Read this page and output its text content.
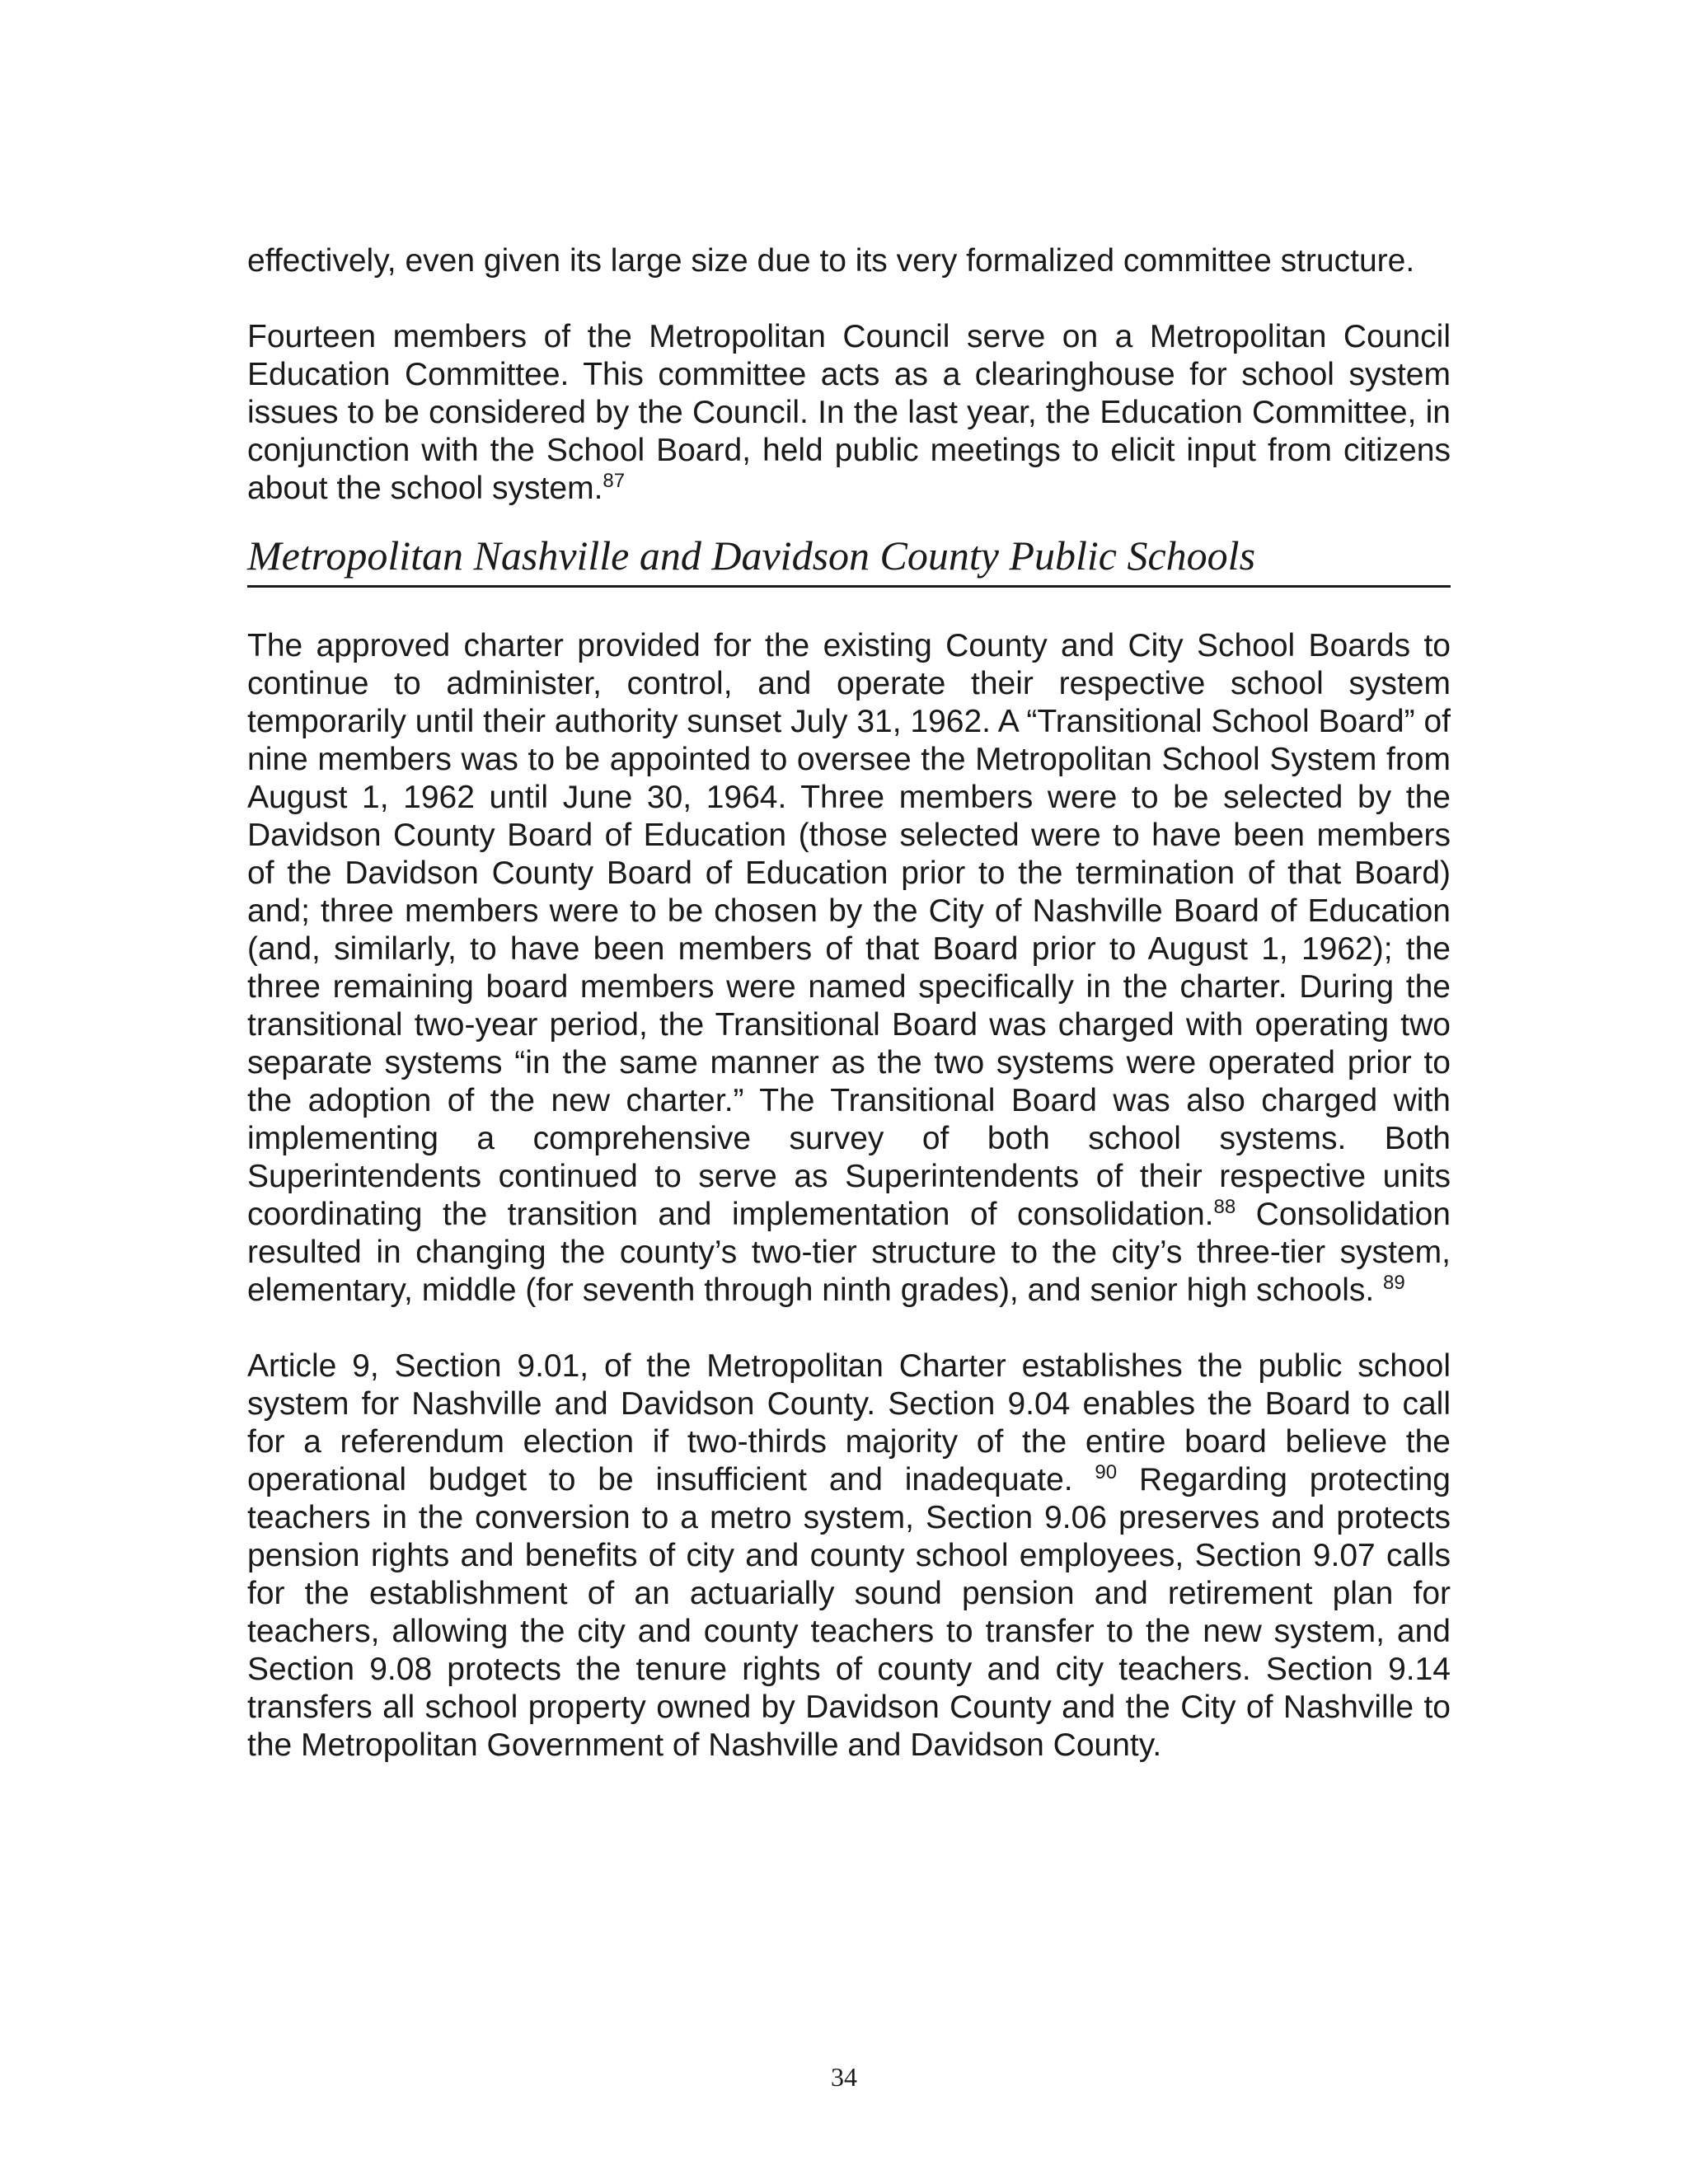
effectively, even given its large size due to its very formalized committee structure.

Fourteen members of the Metropolitan Council serve on a Metropolitan Council Education Committee. This committee acts as a clearinghouse for school system issues to be considered by the Council. In the last year, the Education Committee, in conjunction with the School Board, held public meetings to elicit input from citizens about the school system.$^{87}$

Metropolitan Nashville and Davidson County Public Schools

The approved charter provided for the existing County and City School Boards to continue to administer, control, and operate their respective school system temporarily until their authority sunset July 31, 1962. A “Transitional School Board” of nine members was to be appointed to oversee the Metropolitan School System from August 1, 1962 until June 30, 1964. Three members were to be selected by the Davidson County Board of Education (those selected were to have been members of the Davidson County Board of Education prior to the termination of that Board) and; three members were to be chosen by the City of Nashville Board of Education (and, similarly, to have been members of that Board prior to August 1, 1962); the three remaining board members were named specifically in the charter. During the transitional two-year period, the Transitional Board was charged with operating two separate systems “in the same manner as the two systems were operated prior to the adoption of the new charter.” The Transitional Board was also charged with implementing a comprehensive survey of both school systems. Both Superintendents continued to serve as Superintendents of their respective units coordinating the transition and implementation of consolidation.$^{88}$ Consolidation resulted in changing the county’s two-tier structure to the city’s three-tier system, elementary, middle (for seventh through ninth grades), and senior high schools. $^{89}$

Article 9, Section 9.01, of the Metropolitan Charter establishes the public school system for Nashville and Davidson County. Section 9.04 enables the Board to call for a referendum election if two-thirds majority of the entire board believe the operational budget to be insufficient and inadequate. $^{90}$ Regarding protecting teachers in the conversion to a metro system, Section 9.06 preserves and protects pension rights and benefits of city and county school employees, Section 9.07 calls for the establishment of an actuarially sound pension and retirement plan for teachers, allowing the city and county teachers to transfer to the new system, and Section 9.08 protects the tenure rights of county and city teachers. Section 9.14 transfers all school property owned by Davidson County and the City of Nashville to the Metropolitan Government of Nashville and Davidson County.

34
